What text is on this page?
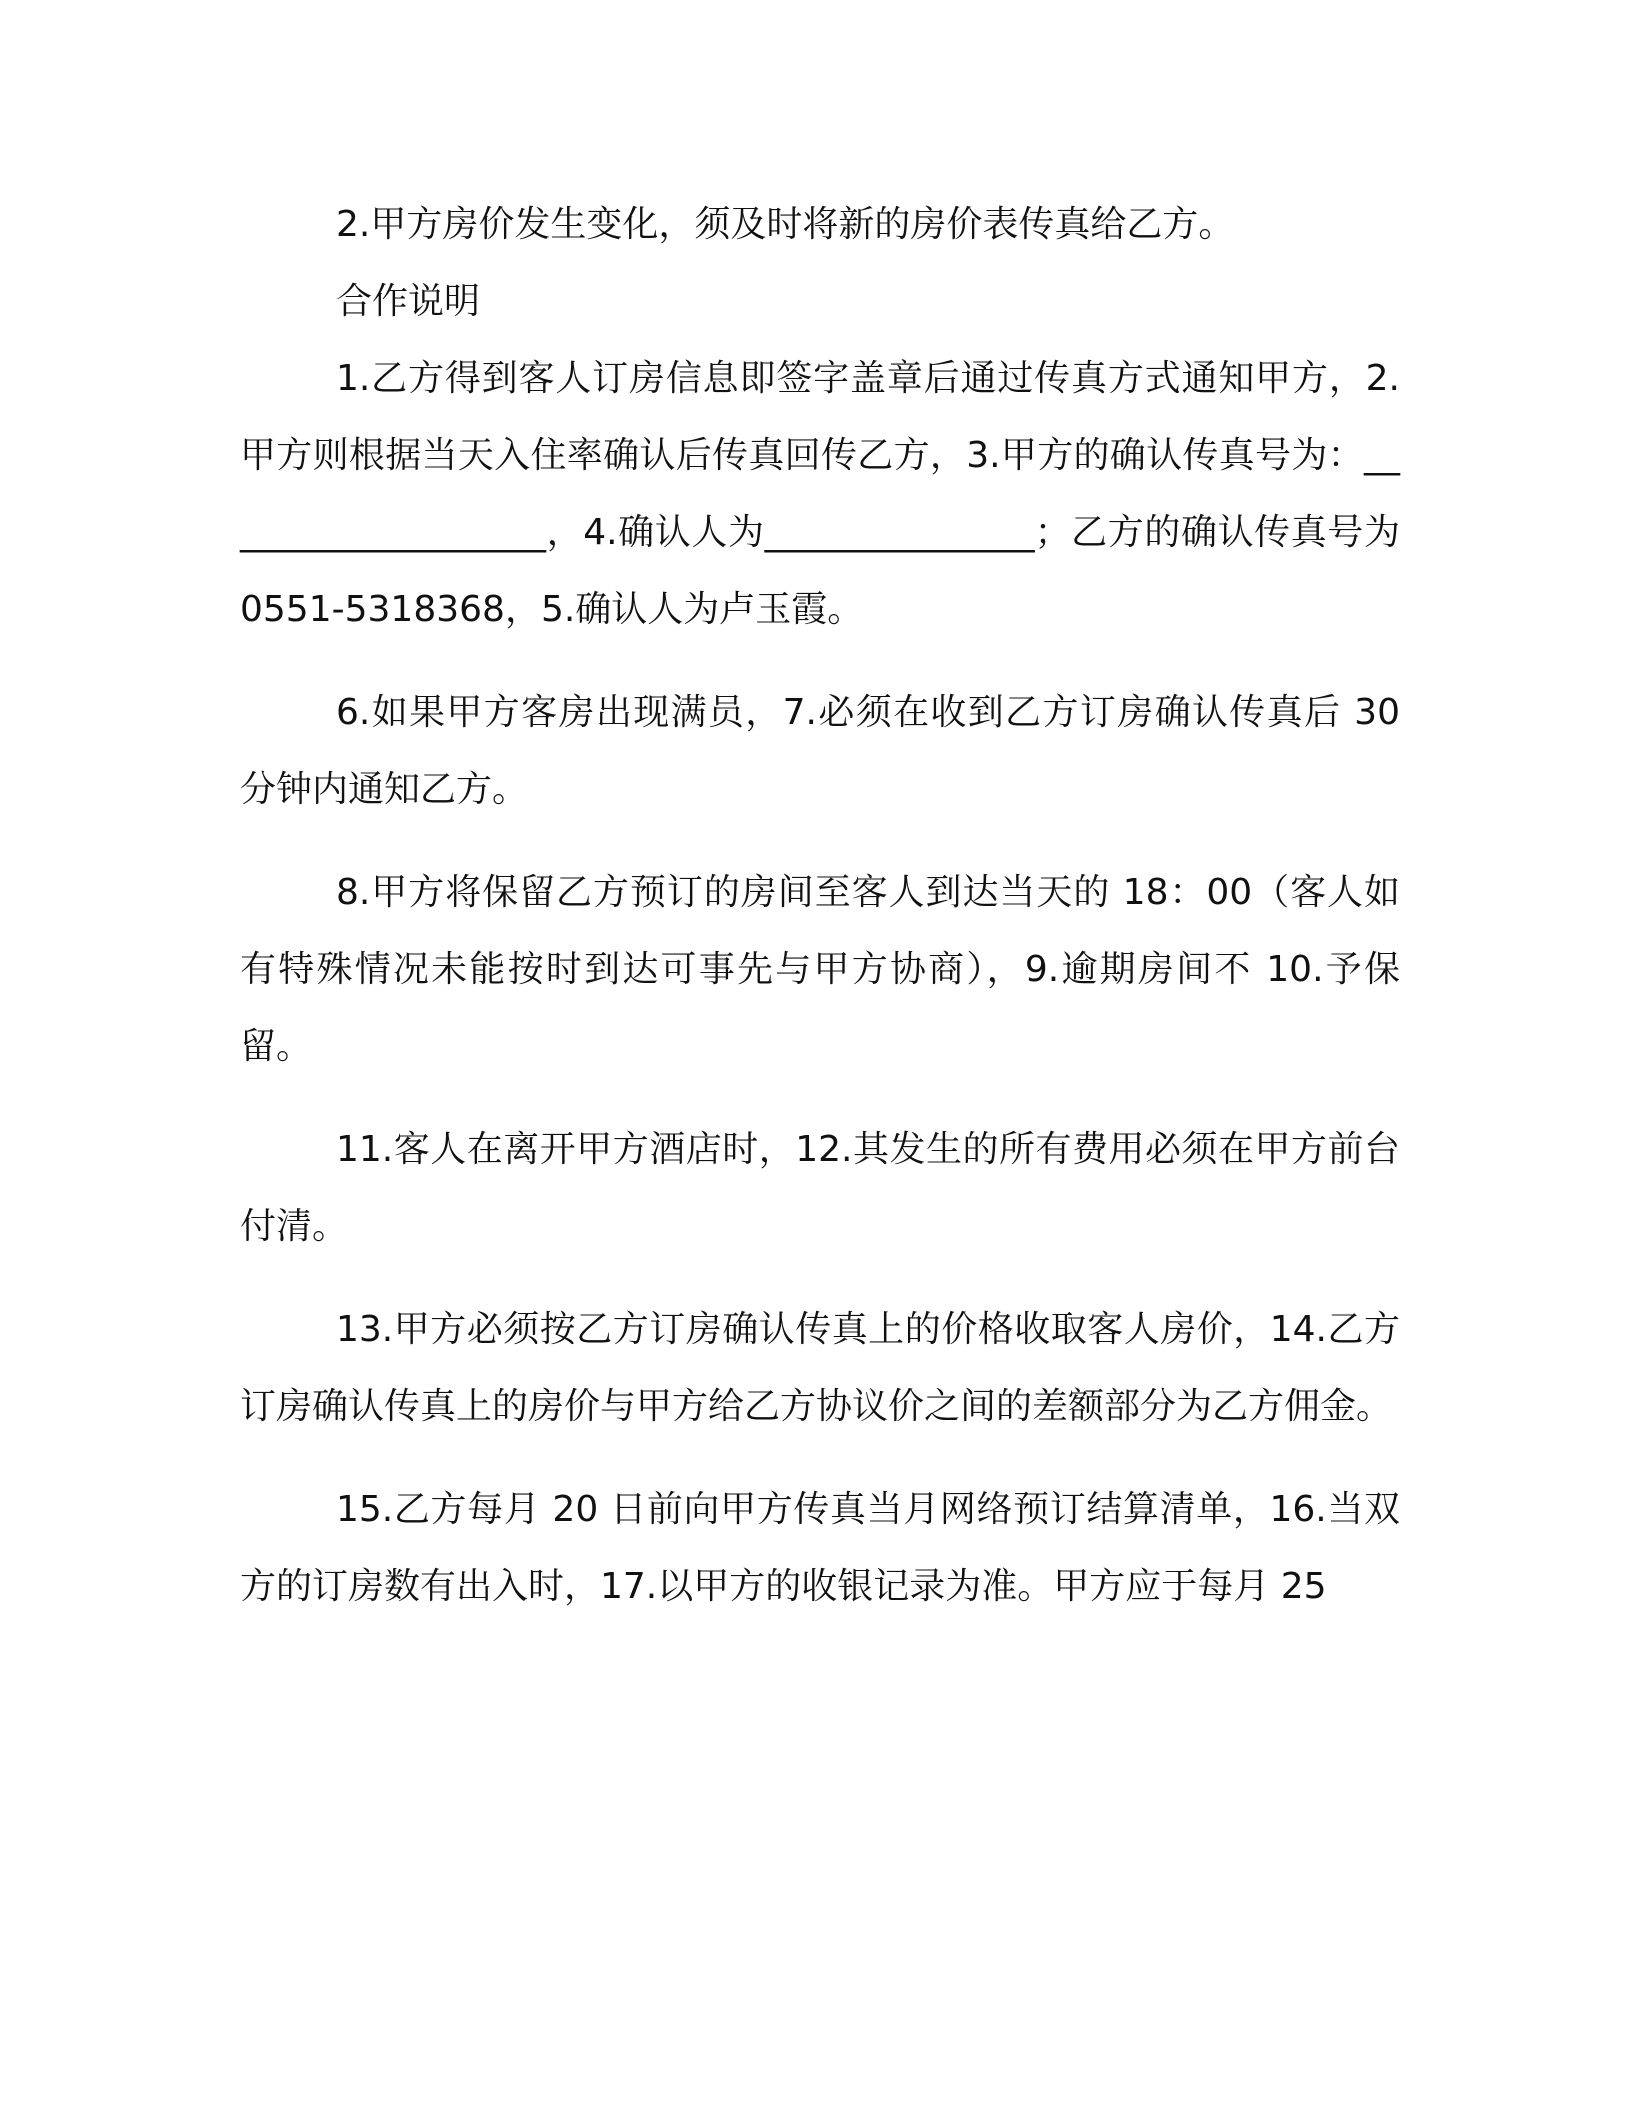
2.甲方房价发生变化，须及时将新的房价表传真给乙方。

合作说明

1.乙方得到客人订房信息即签字盖章后通过传真方式通知甲方，2.甲方则根据当天入住率确认后传真回传乙方，3.甲方的确认传真号为：___________________，4.确认人为_______________；乙方的确认传真号为 0551-5318368，5.确认人为卢玉霞。

6.如果甲方客房出现满员，7.必须在收到乙方订房确认传真后 30 分钟内通知乙方。

8.甲方将保留乙方预订的房间至客人到达当天的 18：00（客人如有特殊情况未能按时到达可事先与甲方协商），9.逾期房间不 10.予保留。

11.客人在离开甲方酒店时，12.其发生的所有费用必须在甲方前台付清。

13.甲方必须按乙方订房确认传真上的价格收取客人房价，14.乙方订房确认传真上的房价与甲方给乙方协议价之间的差额部分为乙方佣金。

15.乙方每月 20 日前向甲方传真当月网络预订结算清单，16.当双方的订房数有出入时，17.以甲方的收银记录为准。甲方应于每月 25
